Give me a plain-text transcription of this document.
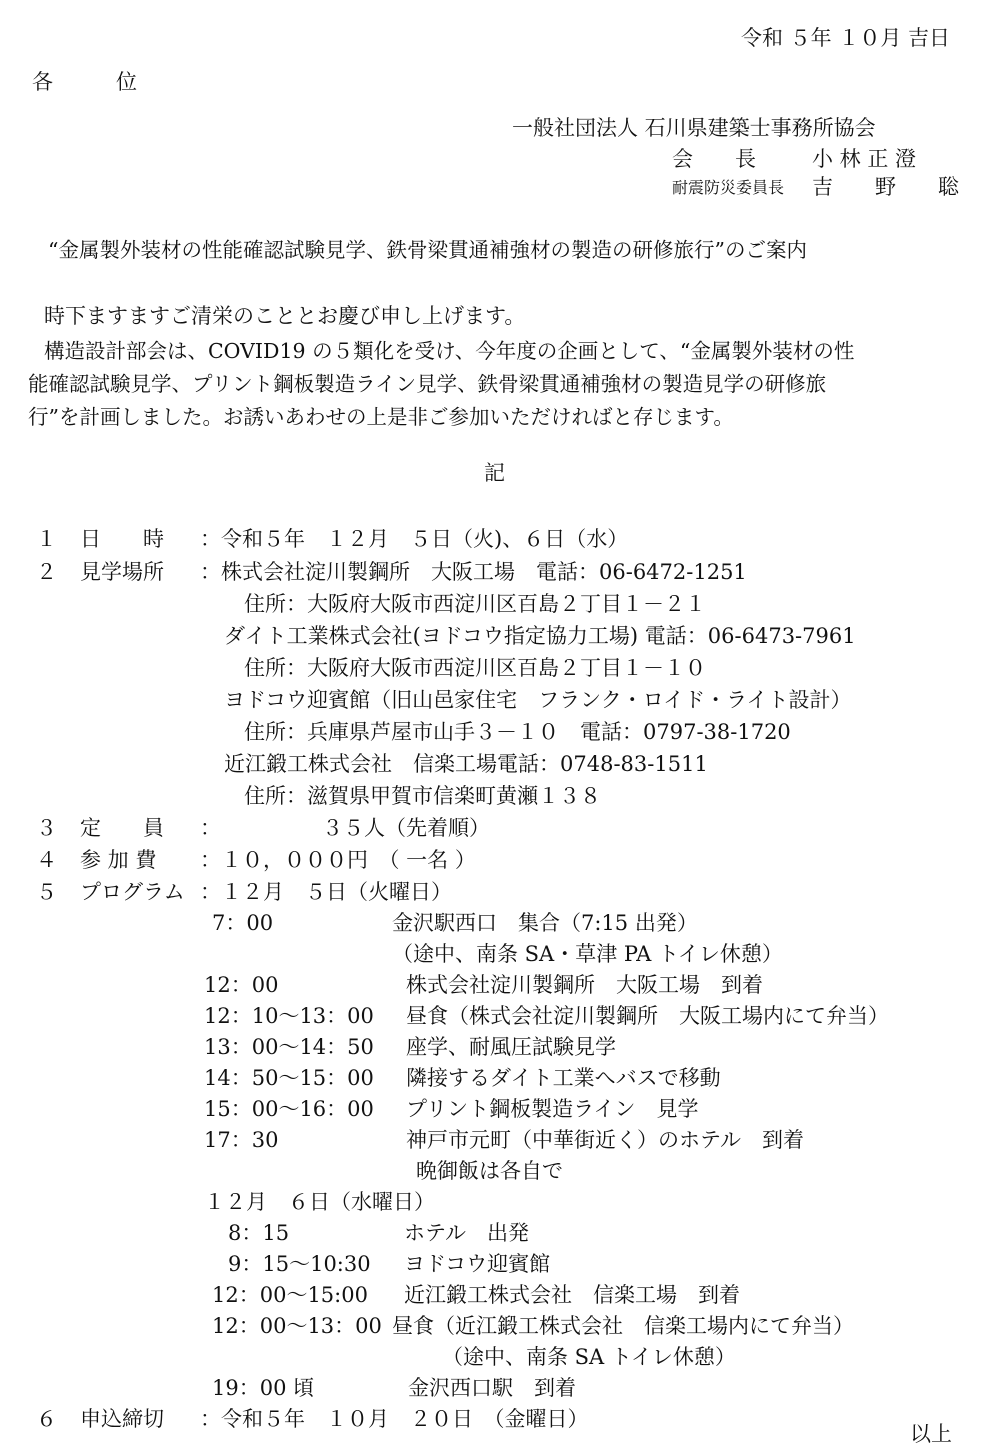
令和 ５年 １０月 吉日
各　　　位
一般社団法人 石川県建築士事務所協会
会　　長	小 林 正 澄
耐震防災委員長 吉　　野　　聡
“金属製外装材の性能確認試験見学、鉄骨梁貫通補強材の製造の研修旅行”のご案内
時下ますますご清栄のこととお慶び申し上げます。
構造設計部会は、COVID19 の５類化を受け、今年度の企画として、“金属製外装材の性
能確認試験見学、プリント鋼板製造ライン見学、鉄骨梁貫通補強材の製造見学の研修旅
行”を計画しました。お誘いあわせの上是非ご参加いただければと存じます。
記
１ 日　　時 ：令和５年　１２月　５日（火)、６日（水）
２ 見学場所 ：株式会社淀川製鋼所　大阪工場　電話：06-6472-1251
住所：大阪府大阪市西淀川区百島２丁目１－２１
ダイト工業株式会社(ヨドコウ指定協力工場) 電話：06-6473-7961
住所：大阪府大阪市西淀川区百島２丁目１－１０
ヨドコウ迎賓館（旧山邑家住宅　フランク・ロイド・ライト設計）
住所：兵庫県芦屋市山手３－１０　電話：0797-38-1720
近江鍛工株式会社　信楽工場電話：0748-83-1511
住所：滋賀県甲賀市信楽町黄瀬１３８
３ 定　　員 ：	３５人（先着順）
４ 参 加 費 ：１０，０００円　（ 一名 ）
５ プログラム ：１２月　５日（火曜日）
7：00	金沢駅西口　集合（7:15 出発）
（途中、南条 SA・草津 PA トイレ休憩）
12：00	株式会社淀川製鋼所　大阪工場　到着
12：10～13：00 昼食（株式会社淀川製鋼所　大阪工場内にて弁当）
13：00～14：50 座学、耐風圧試験見学
14：50～15：00 隣接するダイト工業へバスで移動
15：00～16：00 プリント鋼板製造ライン　見学
17：30	神戸市元町（中華街近く）のホテル　到着
晩御飯は各自で
１２月　６日（水曜日）
8：15	ホテル　出発
9：15～10:30 ヨドコウ迎賓館
12：00～15:00 近江鍛工株式会社　信楽工場　到着
12：00～13：00 昼食（近江鍛工株式会社　信楽工場内にて弁当）
（途中、南条 SA トイレ休憩）
19：00 頃	金沢西口駅　到着
６ 申込締切 ：令和５年　１０月　２０日　（金曜日）
以上
